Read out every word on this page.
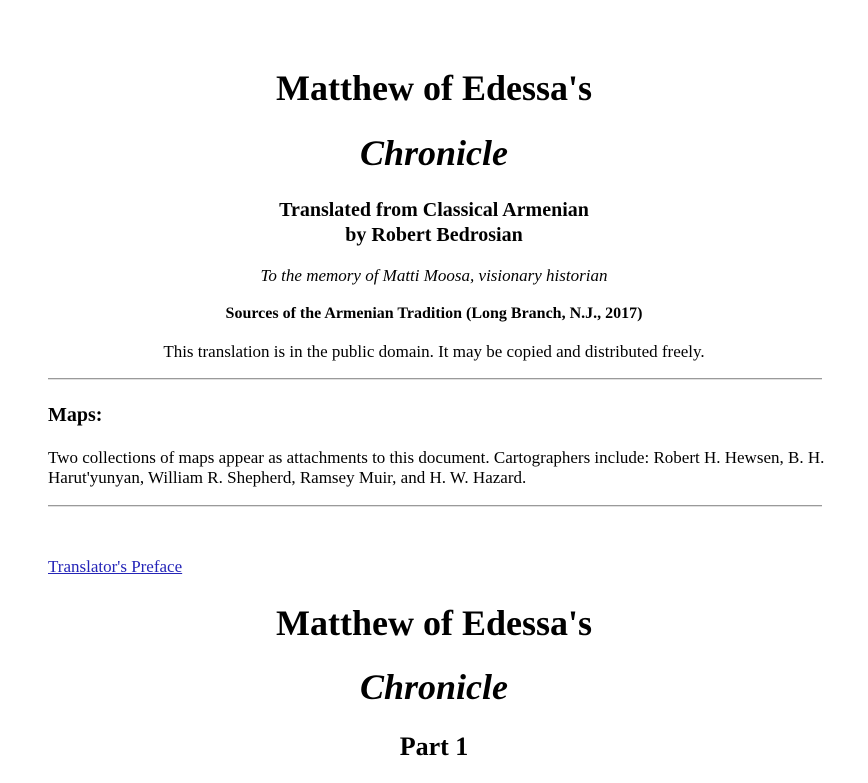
Matthew of Edessa's
Chronicle
Translated from Classical Armenian
by Robert Bedrosian
To the memory of Matti Moosa, visionary historian
Sources of the Armenian Tradition (Long Branch, N.J., 2017)
This translation is in the public domain. It may be copied and distributed freely.
Maps:
Two collections of maps appear as attachments to this document. Cartographers include: Robert H. Hewsen, B. H. Harut'yunyan, William R. Shepherd, Ramsey Muir, and H. W. Hazard.
Translator's Preface
Matthew of Edessa's
Chronicle
Part 1
